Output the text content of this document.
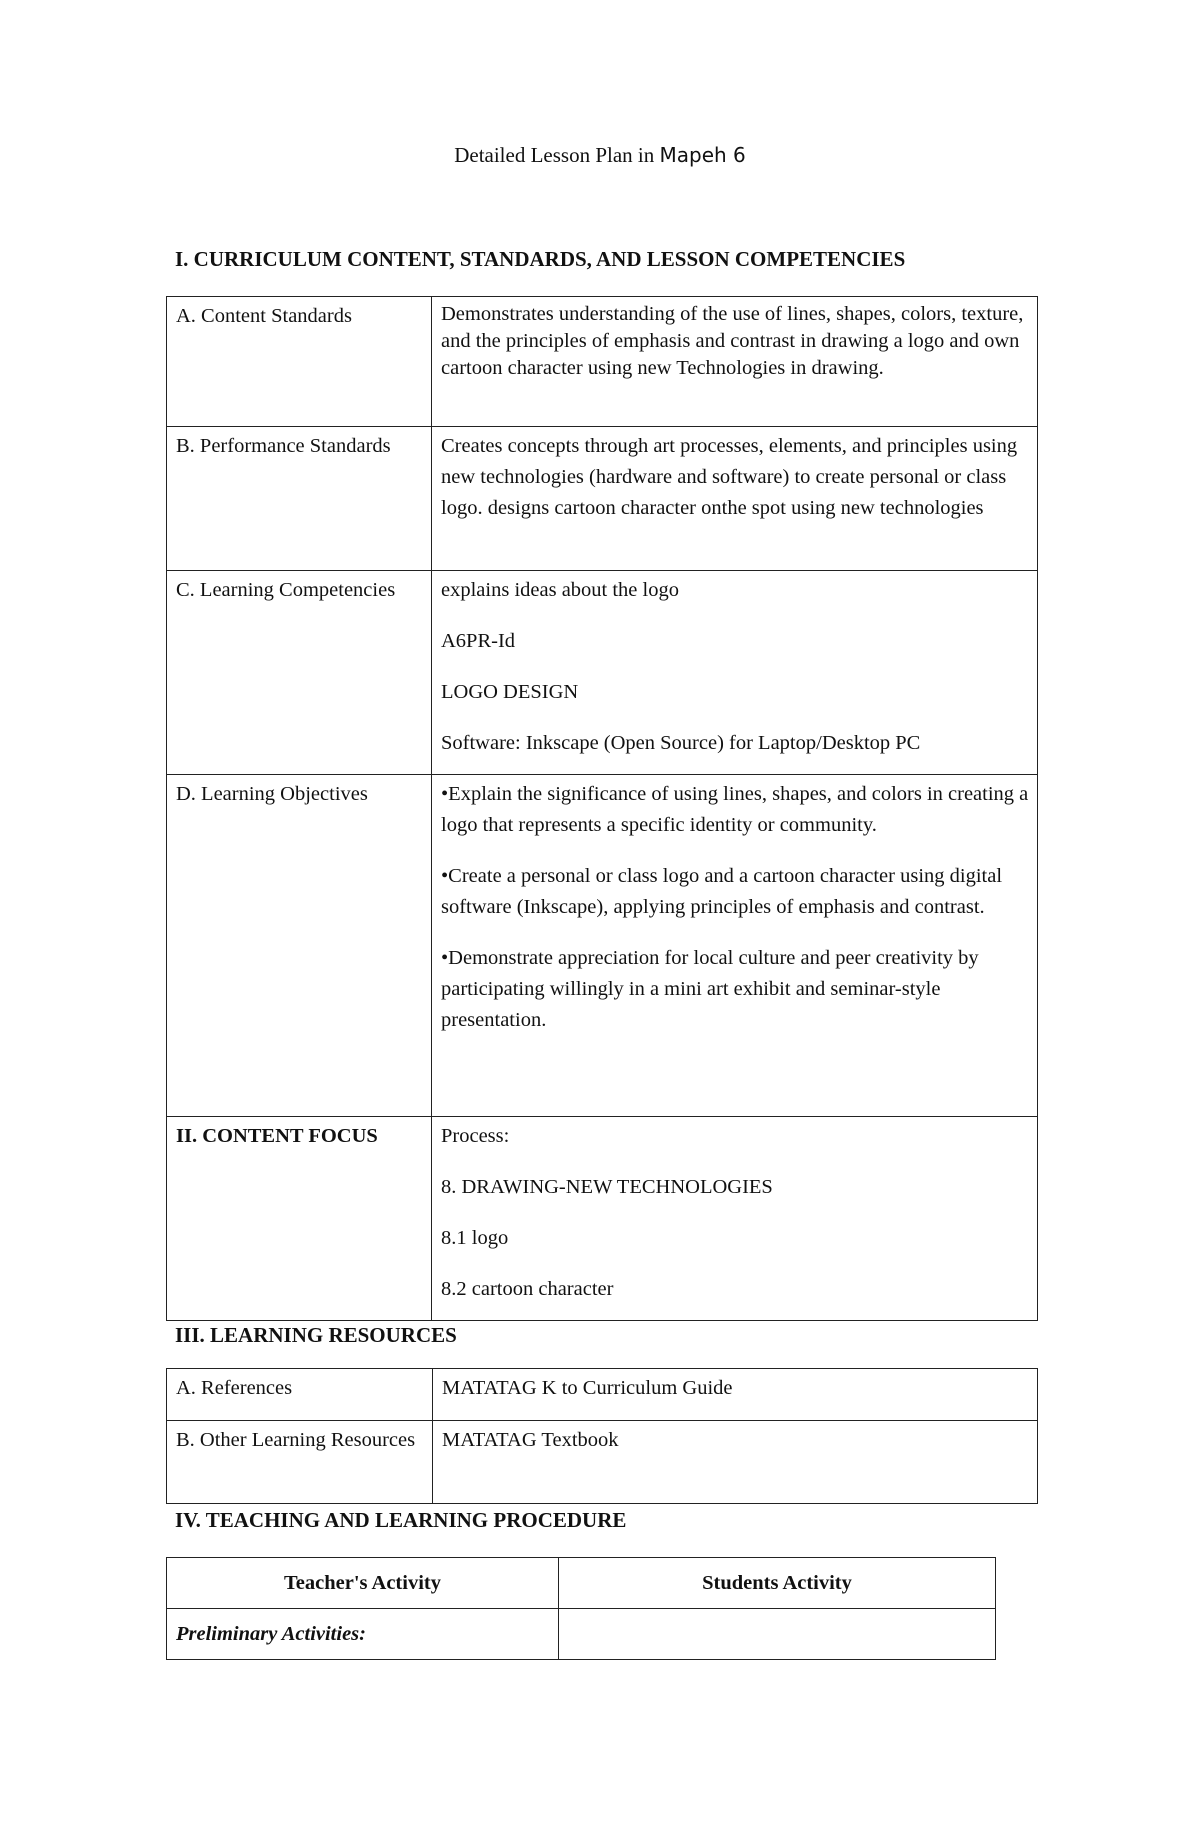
Detailed Lesson Plan in Mapeh 6
I. CURRICULUM CONTENT, STANDARDS, AND LESSON COMPETENCIES
A. Content Standards	Demonstrates understanding of the use of lines, shapes, colors, texture, and the principles of emphasis and contrast in drawing a logo and own cartoon character using new Technologies in drawing.

B. Performance Standards	Creates concepts through art processes, elements, and principles using new technologies (hardware and software) to create personal or class logo. designs cartoon character onthe spot using new technologies

C. Learning Competencies	explains ideas about the logo
A6PR-Id
LOGO DESIGN
Software: Inkscape (Open Source) for Laptop/Desktop PC

D. Learning Objectives	•Explain the significance of using lines, shapes, and colors in creating a logo that represents a specific identity or community.
•Create a personal or class logo and a cartoon character using digital software (Inkscape), applying principles of emphasis and contrast.
•Demonstrate appreciation for local culture and peer creativity by participating willingly in a mini art exhibit and seminar-style presentation.

II. CONTENT FOCUS	Process:
8. DRAWING-NEW TECHNOLOGIES
8.1 logo
8.2 cartoon character
III. LEARNING RESOURCES
A. References	MATATAG K to Curriculum Guide

B. Other Learning Resources	MATATAG Textbook
IV. TEACHING AND LEARNING PROCEDURE
Teacher's Activity	Students Activity
Preliminary Activities:	
